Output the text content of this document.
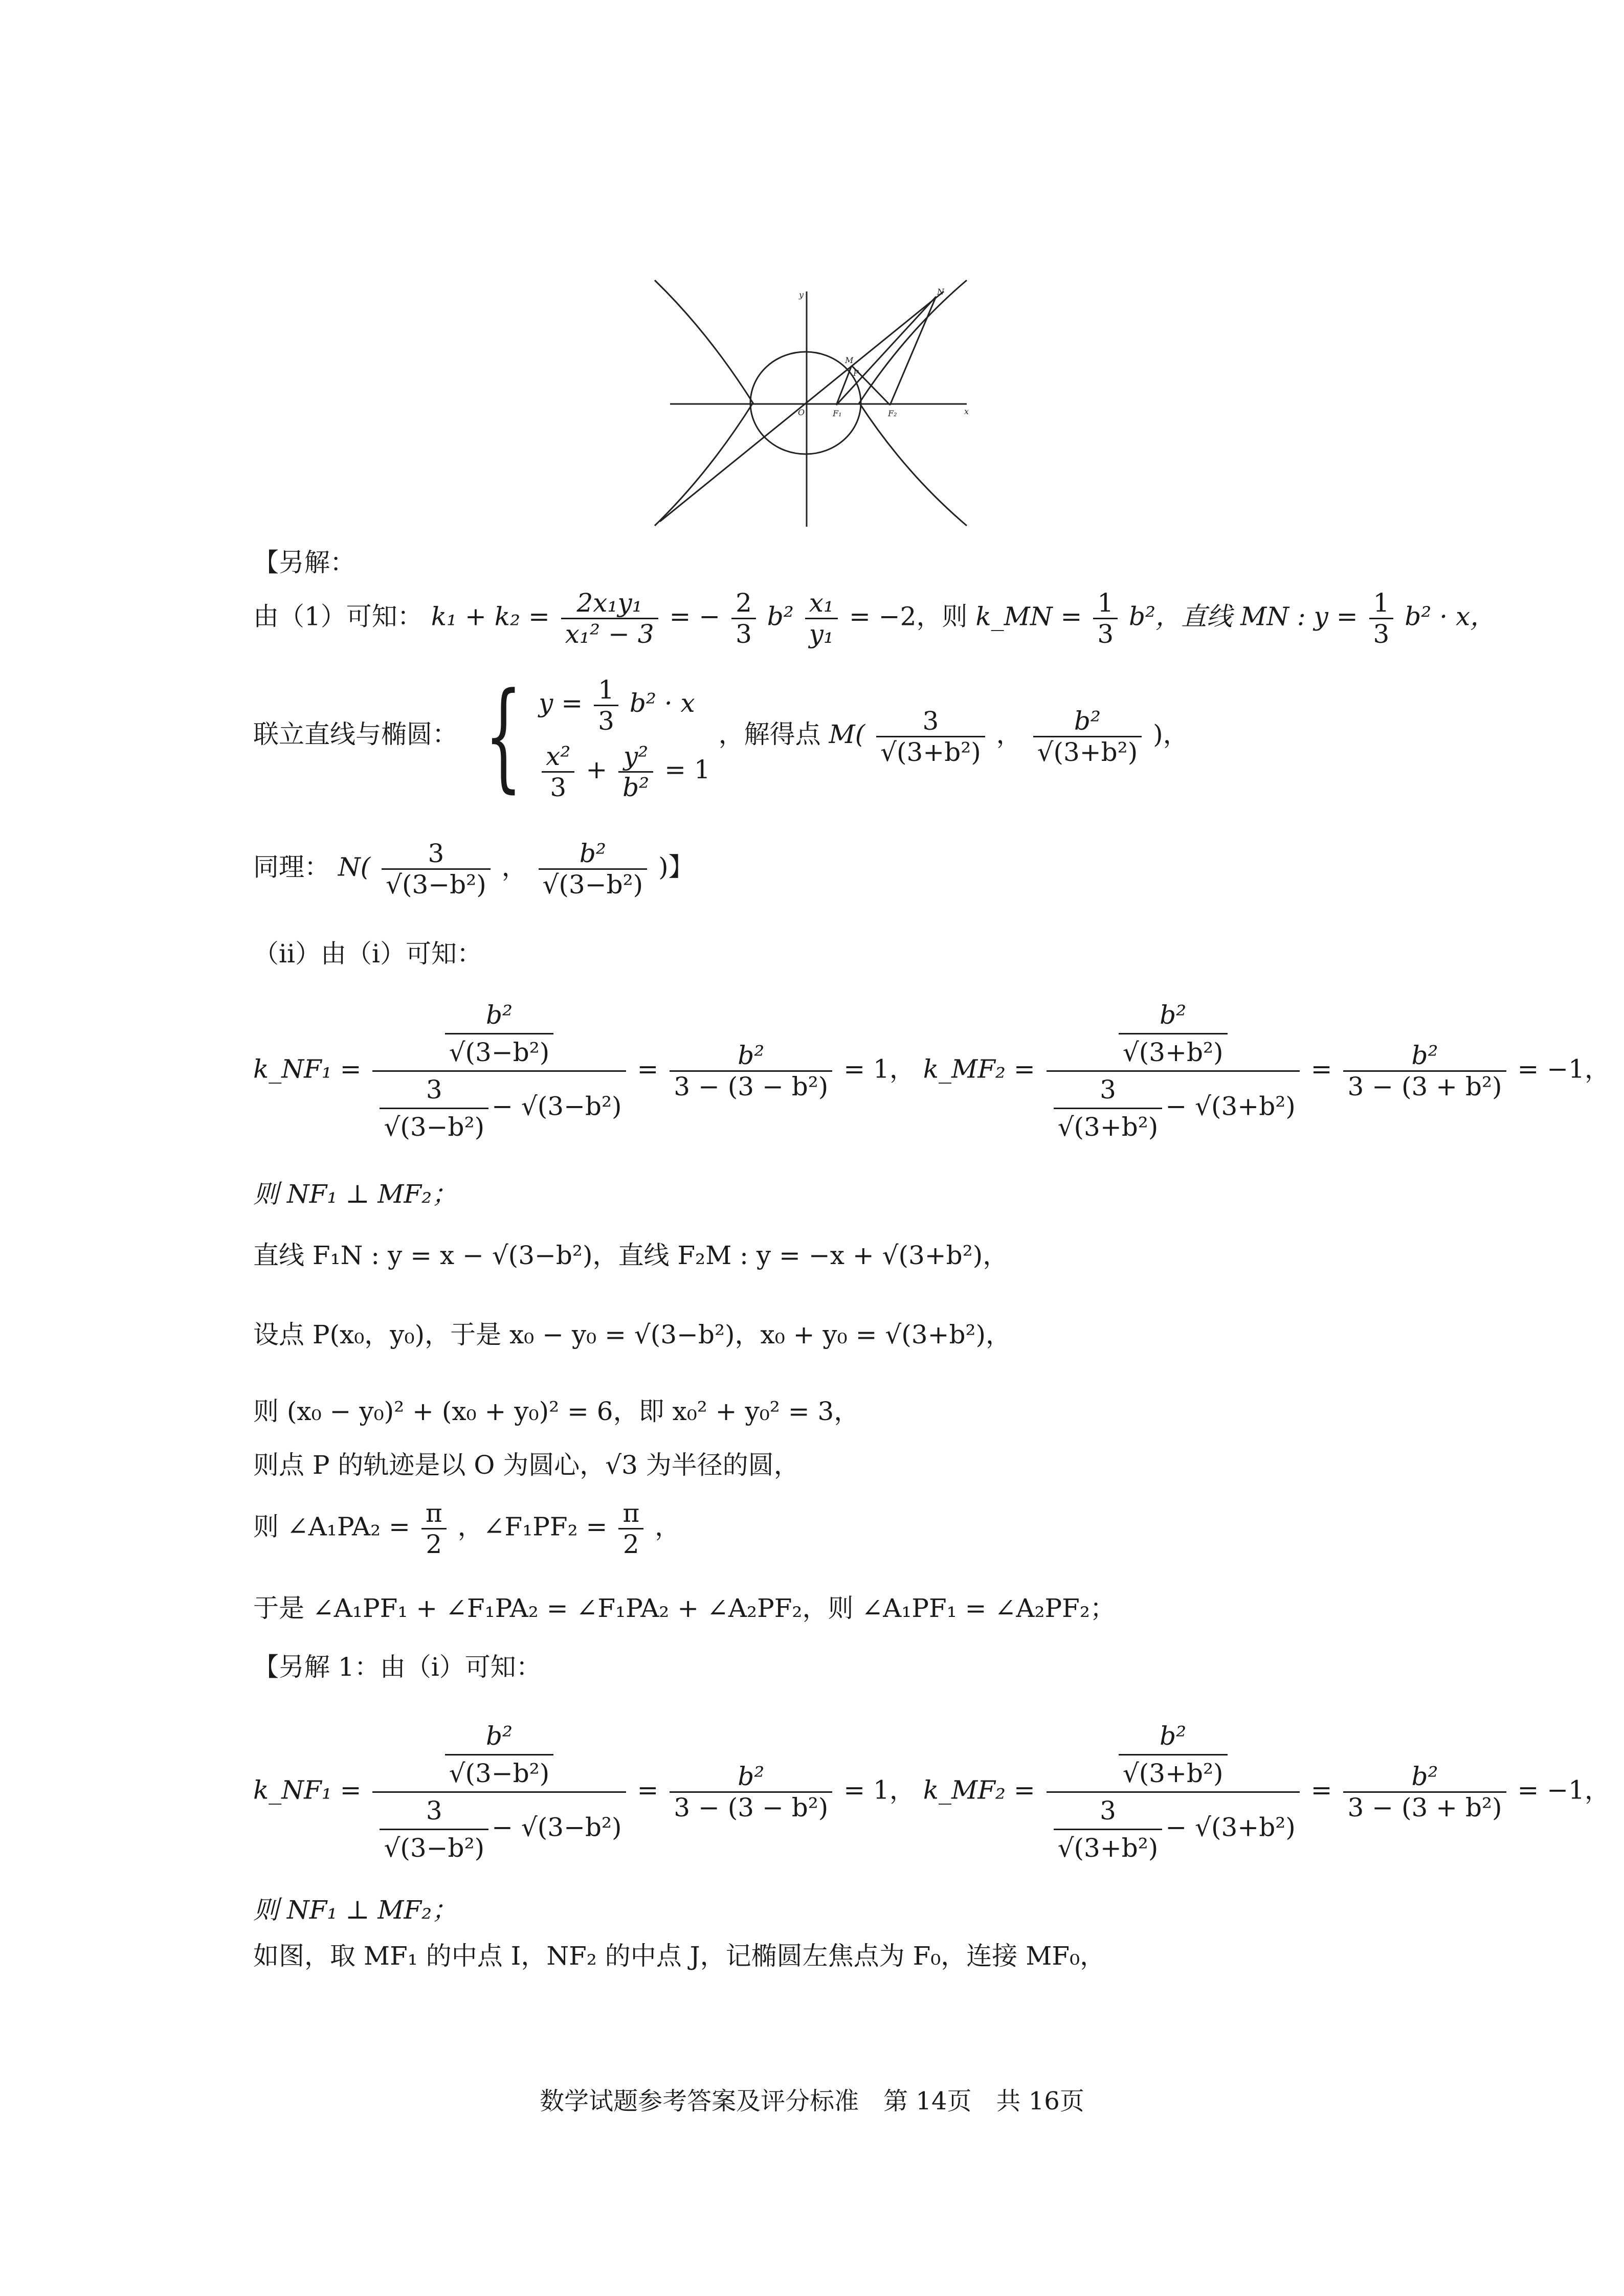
y
O	F₁	F₂	x
M
P
N
【另解：
由（1）可知： $k_1 + k_2 = \frac{\text{2x₁y₁}}{\text{x₁² − 3}}$ = − $\frac{2}{3} b^2 \frac{\text{x₁}}{\text{y₁}} = -2$，则 k_MN = $\frac{1}{3} b^2$，直线 MN : $y = \frac{1}{3} b^2 \cdot x$，
联立直线与椭圆： { $y = \frac{1}{3} b^2 \cdot x$
$\frac{\text{x²}}{3} + \frac{\text{y²}}{\text{b²}} = 1$
，解得点 $M( \frac{3}{\text{√(3+b²)}}$ ， $\frac{\text{b²}}{\text{√(3+b²)}}$ )，
同理： $N( \frac{3}{\text{√(3−b²)}}$ ， $\frac{\text{b²}}{\text{√(3−b²)}}$ )】
（ii）由（i）可知：
k_NF₁ = $\frac{\frac{\text{b²}}{\text{√(3−b²)}}}{\frac{3}{\text{√(3−b²)}} - √(3-b^2)} = \frac{\text{b²}}{\text{3 − (3 − b²)}} = 1$， k_MF₂ = $\frac{\frac{\text{b²}}{\text{√(3+b²)}}}{\frac{3}{\text{√(3+b²)}} - √(3+b^2)} = \frac{\text{b²}}{\text{3 − (3 + b²)}} = -1$，
则 NF₁ ⊥ MF₂；
直线 F₁N : y = x − √(3−b²)，直线 F₂M : y = −x + √(3+b²)，
设点 P(x₀，y₀)，于是 x₀ − y₀ = √(3−b²)，x₀ + y₀ = √(3+b²)，
则 (x₀ − y₀)² + (x₀ + y₀)² = 6，即 x₀² + y₀² = 3，
则点 P 的轨迹是以 O 为圆心，√3 为半径的圆，
则 ∠A₁PA₂ = $\frac{\pi}{2}$ ，∠F₁PF₂ = $\frac{\pi}{2}$ ，
于是 ∠A₁PF₁ + ∠F₁PA₂ = ∠F₁PA₂ + ∠A₂PF₂，则 ∠A₁PF₁ = ∠A₂PF₂；
【另解 1：由（i）可知：
k_NF₁ = $\frac{\frac{\text{b²}}{\text{√(3−b²)}}}{\frac{3}{\text{√(3−b²)}} - √(3-b^2)} = \frac{\text{b²}}{\text{3 − (3 − b²)}} = 1$， k_MF₂ = $\frac{\frac{\text{b²}}{\text{√(3+b²)}}}{\frac{3}{\text{√(3+b²)}} - √(3+b^2)} = \frac{\text{b²}}{\text{3 − (3 + b²)}} = -1$，
则 NF₁ ⊥ MF₂；
如图，取 MF₁ 的中点 I，NF₂ 的中点 J，记椭圆左焦点为 F₀，连接 MF₀，
数学试题参考答案及评分标准　第 14页　共 16页
